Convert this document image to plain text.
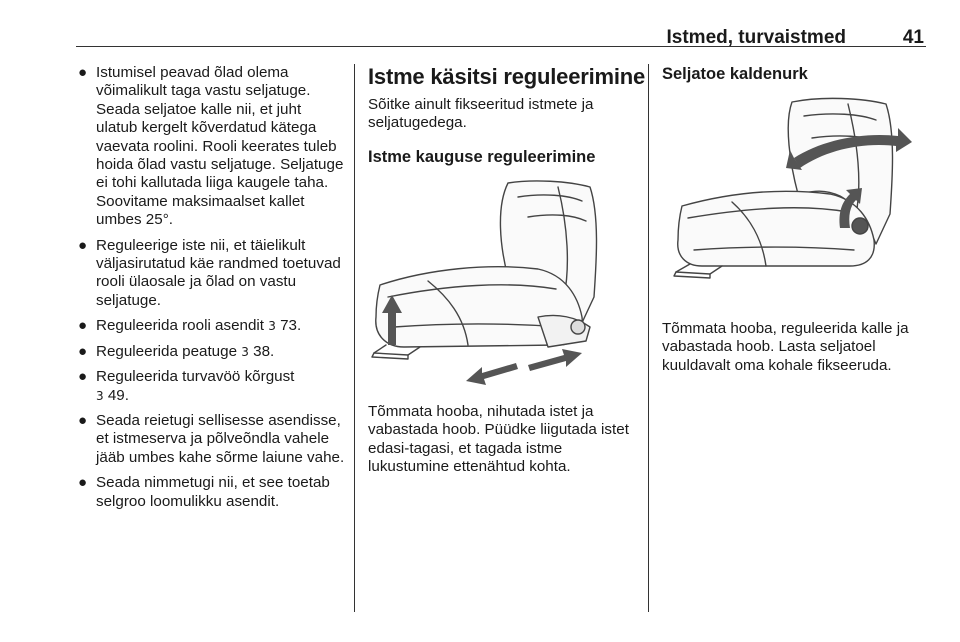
Istmed, turvaistmed	41
● Istumisel peavad õlad olema võimalikult taga vastu seljatuge. Seada seljatoe kalle nii, et juht ulatub kergelt kõverdatud kätega vaevata roolini. Rooli keerates tuleb hoida õlad vastu seljatuge. Seljatuge ei tohi kallutada liiga kaugele taha. Soovitame maksimaalset kallet umbes 25°.
● Reguleerige iste nii, et täielikult väljasirutatud käe randmed toetuvad rooli ülaosale ja õlad on vastu seljatuge.
● Reguleerida rooli asendit 3 73.
● Reguleerida peatuge 3 38.
● Reguleerida turvavöö kõrgust
3 49.
● Seada reietugi sellisesse asendisse, et istmeserva ja põlveõndla vahele jääb umbes kahe sõrme laiune vahe.
● Seada nimmetugi nii, et see toetab selgroo loomulikku asendit.
Istme käsitsi reguleerimine

Sõitke ainult fikseeritud istmete ja seljatugedega.

Istme kauguse reguleerimine

Tõmmata hooba, nihutada istet ja vabastada hoob. Püüdke liigutada istet edasi-tagasi, et tagada istme lukustumine ettenähtud kohta.

Seljatoe kaldenurk

Tõmmata hooba, reguleerida kalle ja vabastada hoob. Lasta seljatoel kuuldavalt oma kohale fikseeruda.
